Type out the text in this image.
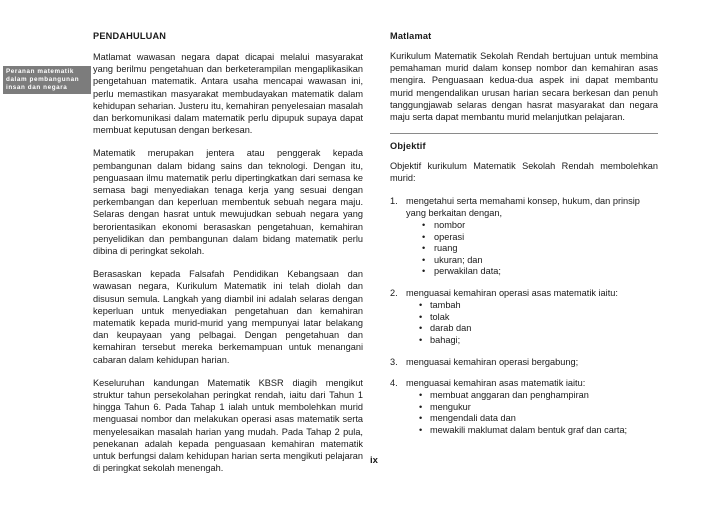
Peranan matematik dalam pembangunan insan dan negara
PENDAHULUAN

Matlamat wawasan negara dapat dicapai melalui masyarakat yang berilmu pengetahuan dan berketerampilan mengaplikasikan pengetahuan matematik. Antara usaha mencapai wawasan ini, perlu memastikan masyarakat membudayakan matematik dalam kehidupan seharian. Justeru itu, kemahiran penyelesaian masalah dan berkomunikasi dalam matematik perlu dipupuk supaya dapat membuat keputusan dengan berkesan.

Matematik merupakan jentera atau penggerak kepada pembangunan dalam bidang sains dan teknologi. Dengan itu, penguasaan ilmu matematik perlu dipertingkatkan dari semasa ke semasa bagi menyediakan tenaga kerja yang sesuai dengan perkembangan dan keperluan membentuk sebuah negara maju. Selaras dengan hasrat untuk mewujudkan sebuah negara yang berorientasikan ekonomi berasaskan pengetahuan, kemahiran penyelidikan dan pembangunan dalam bidang matematik perlu dibina di peringkat sekolah.

Berasaskan kepada Falsafah Pendidikan Kebangsaan dan wawasan negara, Kurikulum Matematik ini telah diolah dan disusun semula. Langkah yang diambil ini adalah selaras dengan keperluan untuk menyediakan pengetahuan dan kemahiran matematik kepada murid-murid yang mempunyai latar belakang dan keupayaan yang pelbagai. Dengan pengetahuan dan kemahiran tersebut mereka berkemampuan untuk menangani cabaran dalam kehidupan harian.

Keseluruhan kandungan Matematik KBSR diagih mengikut struktur tahun persekolahan peringkat rendah, iaitu dari Tahun 1 hingga Tahun 6. Pada Tahap 1 ialah untuk membolehkan murid menguasai nombor dan melakukan operasi asas matematik serta menyelesaikan masalah harian yang mudah. Pada Tahap 2 pula, penekanan adalah kepada penguasaan kemahiran matematik untuk berfungsi dalam kehidupan harian serta mengikuti pelajaran di peringkat sekolah menengah.

Matlamat

Kurikulum Matematik Sekolah Rendah bertujuan untuk membina pemahaman murid dalam konsep nombor dan kemahiran asas mengira. Penguasaan kedua-dua aspek ini dapat membantu murid mengendalikan urusan harian secara berkesan dan penuh tanggungjawab selaras dengan hasrat masyarakat dan negara maju serta dapat membantu murid melanjutkan pelajaran.

Objektif

Objektif kurikulum Matematik Sekolah Rendah membolehkan murid:

1. mengetahui serta memahami konsep, hukum, dan prinsip yang berkaitan dengan,
• nombor
• operasi
• ruang
• ukuran; dan
• perwakilan data;
2. menguasai kemahiran operasi asas matematik iaitu:
• tambah
• tolak
• darab dan
• bahagi;
3. menguasai kemahiran operasi bergabung;
4. menguasai kemahiran asas matematik iaitu:
• membuat anggaran dan penghampiran
• mengukur
• mengendali data dan
• mewakili maklumat dalam bentuk graf dan carta;
ix
